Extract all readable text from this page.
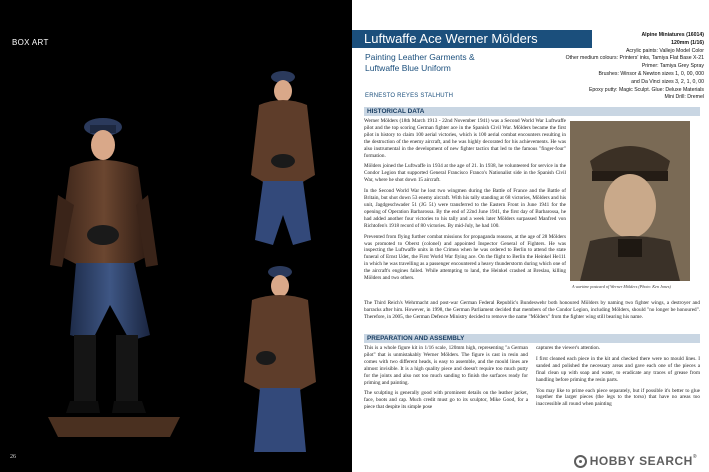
BOX ART
26
Luftwaffe Ace Werner Mölders
Painting Leather Garments & Luftwaffe Blue Uniform
ERNESTO REYES STALHUTH
Alpine Miniatures (16014)
120mm (1/16)
Acrylic paints: Vallejo Model Color
Other medium colours: Printers' inks, Tamiya Flat Base X-21
Primer: Tamiya Grey Spray
Brushes: Winsor & Newton sizes 1, 0, 00, 000
and Da Vinci sizes 3, 2, 1, 0, 00
Epoxy putty: Magic Sculpt. Glue: Deluxe Materials
Mini Drill: Dremel
HISTORICAL DATA

Werner Mölders (18th March 1913 - 22nd November 1941) was a Second World War Luftwaffe pilot and the top scoring German fighter ace in the Spanish Civil War. Mölders became the first pilot in history to claim 100 aerial victories, which is 100 aerial combat encounters resulting in the destruction of the enemy aircraft, and he was highly decorated for his achievements. He was also instrumental in the development of new fighter tactics that led to the famous "finger-four" formation.

Mölders joined the Luftwaffe in 1934 at the age of 21. In 1938, he volunteered for service in the Condor Legion that supported General Francisco Franco's Nationalist side in the Spanish Civil War, where he shot down 15 aircraft.

In the Second World War he lost two wingmen during the Battle of France and the Battle of Britain, but shot down 53 enemy aircraft. With his tally standing at 68 victories, Mölders and his unit, Jagdgeschwader 51 (JG 51) were transferred to the Eastern Front in June 1941 for the opening of Operation Barbarossa. By the end of 22nd June 1941, the first day of Barbarossa, he had added another four victories to his tally and a week later Mölders surpassed Manfred von Richtofen's 1918 record of 80 victories. By mid-July, he had 100.

Prevented from flying further combat missions for propaganda reasons, at the age of 28 Mölders was promoted to Oberst (colonel) and appointed Inspector General of Fighters. He was inspecting the Luftwaffe units in the Crimea when he was ordered to Berlin to attend the state funeral of Ernst Udet, the First World War flying ace. On the flight to Berlin the Heinkel He111 in which he was travelling as a passenger encountered a heavy thunderstorm during which one of the aircraft's engines failed. While attempting to land, the Heinkel crashed at Breslau, killing Mölders and two others.

A wartime postcard of Werner Mölders (Photo: Ken Jones)

The Third Reich's Wehrmacht and post-war German Federal Republic's Bundeswehr both honoured Mölders by naming two fighter wings, a destroyer and barracks after him. However, in 1998, the German Parliament decided that members of the Condor Legion, including Mölders, should "no longer be honoured". Therefore, in 2005, the German Defence Ministry decided to remove the name "Mölders" from the fighter wing still bearing his name.

PREPARATION AND ASSEMBLY

This is a whole figure kit in 1/16 scale, 120mm high, representing "a German pilot" that is unmistakably Werner Mölders. The figure is cast in resin and comes with two different heads, is easy to assemble, and the mould lines are almost invisible. It is a high quality piece and doesn't require too much putty for the joints and also not too much sanding to finish the surfaces ready for priming and painting.

The sculpting is generally good with prominent details on the leather jacket, face, boots and cap. Much credit must go to its sculptor, Mike Good, for a piece that despite its simple pose

captures the viewer's attention.

I first cleaned each piece in the kit and checked there were no mould lines. I sanded and polished the necessary areas and gave each one of the pieces a final clean up with soap and water, to eradicate any traces of grease from handling before priming the resin parts.

You may like to prime each piece separately, but if possible it's better to glue together the larger pieces (the legs to the torso) that have no areas too inaccessible all round when painting

HOBBY SEARCH®
